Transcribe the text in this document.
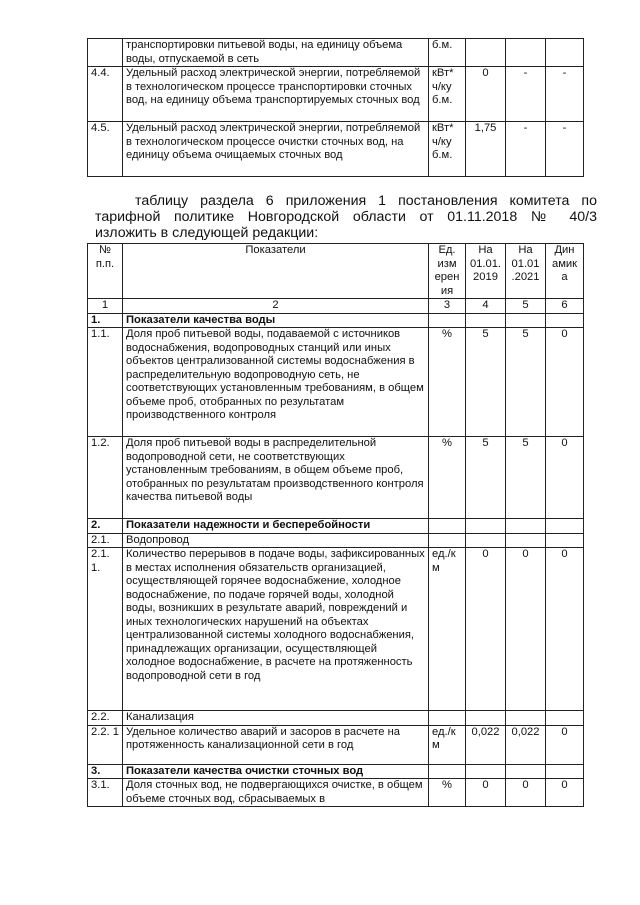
	транспортировки питьевой воды, на единицу объема воды, отпускаемой в сеть	б.м.			
4.4.	Удельный расход электрической энергии, потребляемой в технологическом процессе транспортировки сточных вод, на единицу объема транспортируемых сточных вод	кВт* ч/ку б.м.	0	-	-
4.5.	Удельный расход электрической энергии, потребляемой в технологическом процессе очистки сточных вод, на единицу объема очищаемых сточных вод	кВт* ч/ку б.м.	1,75	-	-

таблицу раздела 6 приложения 1 постановления комитета по

тарифной политике Новгородской области от 01.11.2018 № 40/3

изложить в следующей редакции:

№ п.п.	Показатели	Ед. изм ерен ия	На 01.01. 2019	На 01.01 .2021	Дин амик а
1	2	3	4	5	6
1.	Показатели качества воды				
1.1.	Доля проб питьевой воды, подаваемой с источников водоснабжения, водопроводных станций или иных объектов централизованной системы водоснабжения в распределительную водопроводную сеть, не соответствующих установленным требованиям, в общем объеме проб, отобранных по результатам производственного контроля	%	5	5	0
1.2.	Доля проб питьевой воды в распределительной водопроводной сети, не соответствующих установленным требованиям, в общем объеме проб, отобранных по результатам производственного контроля качества питьевой воды	%	5	5	0
2.	Показатели надежности и бесперебойности				
2.1.	Водопровод				
2.1. 1.	Количество перерывов в подаче воды, зафиксированных в местах исполнения обязательств организацией, осуществляющей горячее водоснабжение, холодное водоснабжение, по подаче горячей воды, холодной воды, возникших в результате аварий, повреждений и иных технологических нарушений на объектах централизованной системы холодного водоснабжения, принадлежащих организации, осуществляющей холодное водоснабжение, в расчете на протяженность водопроводной сети в год	ед./к м	0	0	0
2.2.	Канализация				
2.2. 1	Удельное количество аварий и засоров в расчете на протяженность канализационной сети в год	ед./к м	0,022	0,022	0
3.	Показатели качества очистки сточных вод				
3.1.	Доля сточных вод, не подвергающихся очистке, в общем объеме сточных вод, сбрасываемых в	%	0	0	0
